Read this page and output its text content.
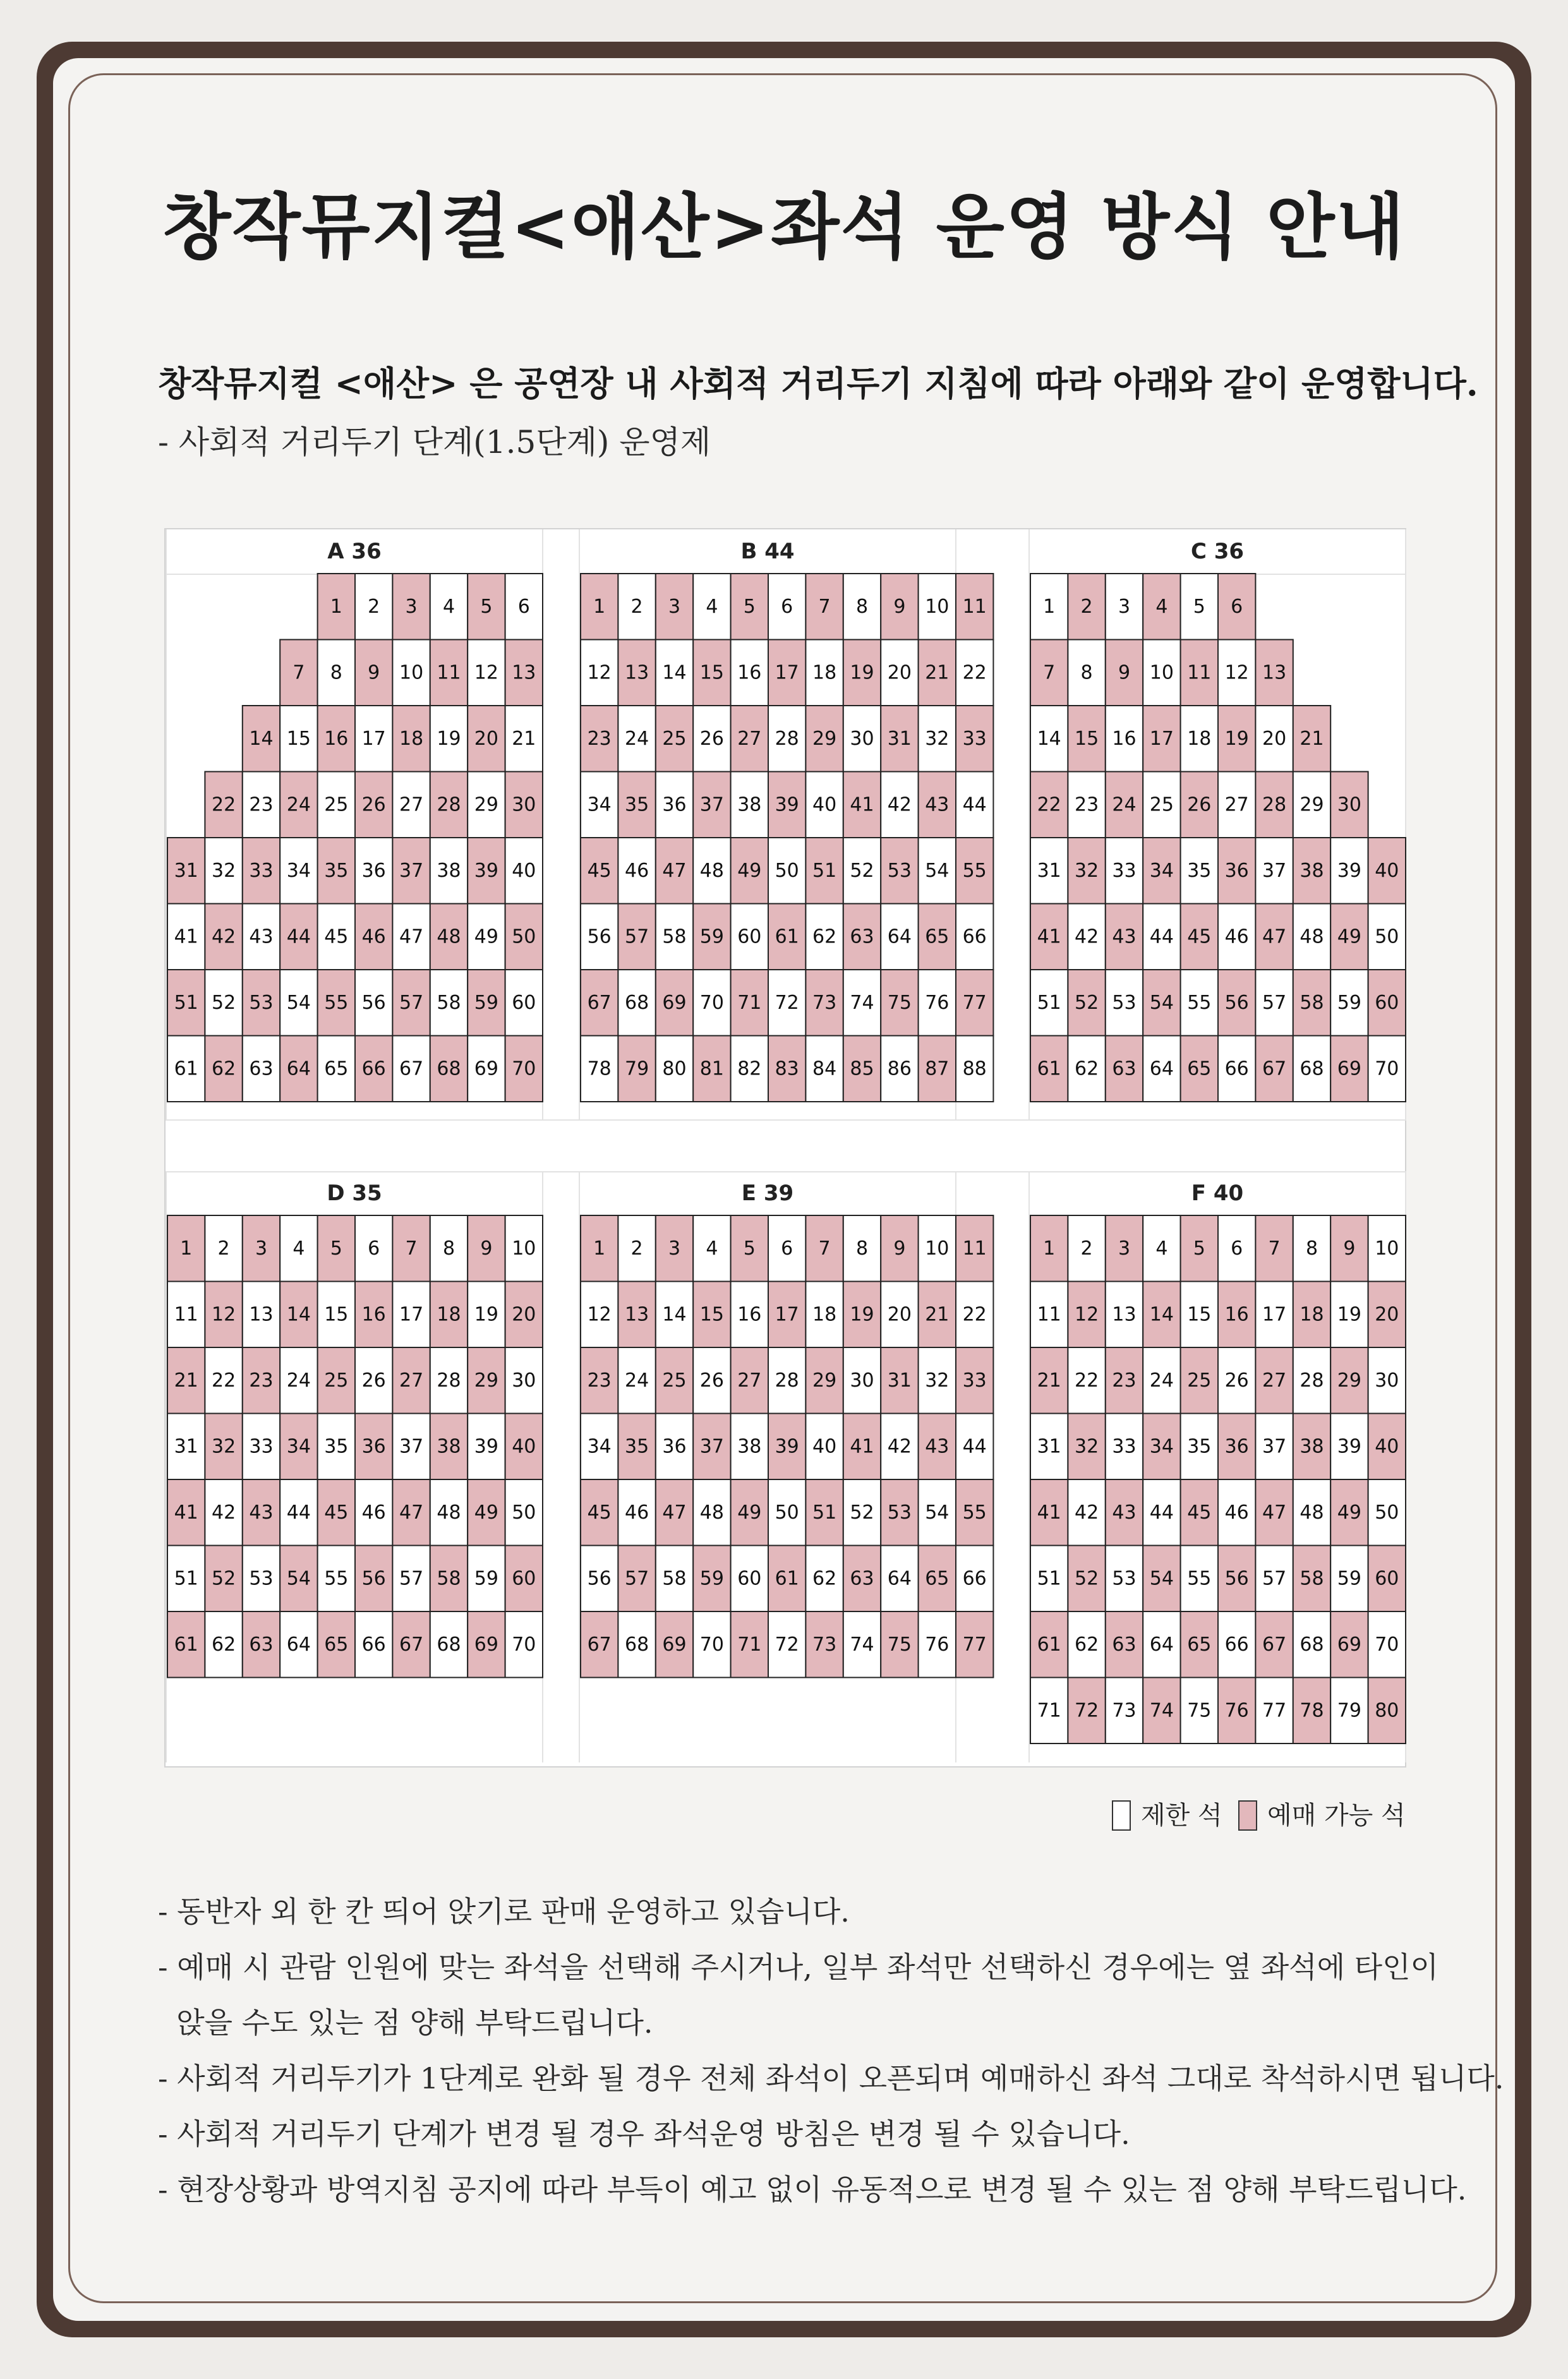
창작뮤지컬<애산>좌석 운영 방식 안내
창작뮤지컬 <애산> 은 공연장 내 사회적 거리두기 지침에 따라 아래와 같이 운영합니다.
- 사회적 거리두기 단계(1.5단계) 운영제
A 36
1 2 3 4 5 6
7 8 9 10 11 12 13
14 15 16 17 18 19 20 21
22 23 24 25 26 27 28 29 30
31 32 33 34 35 36 37 38 39 40
41 42 43 44 45 46 47 48 49 50
51 52 53 54 55 56 57 58 59 60
61 62 63 64 65 66 67 68 69 70
B 44
1 2 3 4 5 6 7 8 9 10 11
12 13 14 15 16 17 18 19 20 21 22
23 24 25 26 27 28 29 30 31 32 33
34 35 36 37 38 39 40 41 42 43 44
45 46 47 48 49 50 51 52 53 54 55
56 57 58 59 60 61 62 63 64 65 66
67 68 69 70 71 72 73 74 75 76 77
78 79 80 81 82 83 84 85 86 87 88
C 36
1 2 3 4 5 6
7 8 9 10 11 12 13
14 15 16 17 18 19 20 21
22 23 24 25 26 27 28 29 30
31 32 33 34 35 36 37 38 39 40
41 42 43 44 45 46 47 48 49 50
51 52 53 54 55 56 57 58 59 60
61 62 63 64 65 66 67 68 69 70
D 35
1 2 3 4 5 6 7 8 9 10
11 12 13 14 15 16 17 18 19 20
21 22 23 24 25 26 27 28 29 30
31 32 33 34 35 36 37 38 39 40
41 42 43 44 45 46 47 48 49 50
51 52 53 54 55 56 57 58 59 60
61 62 63 64 65 66 67 68 69 70
E 39
1 2 3 4 5 6 7 8 9 10 11
12 13 14 15 16 17 18 19 20 21 22
23 24 25 26 27 28 29 30 31 32 33
34 35 36 37 38 39 40 41 42 43 44
45 46 47 48 49 50 51 52 53 54 55
56 57 58 59 60 61 62 63 64 65 66
67 68 69 70 71 72 73 74 75 76 77
F 40
1 2 3 4 5 6 7 8 9 10
11 12 13 14 15 16 17 18 19 20
21 22 23 24 25 26 27 28 29 30
31 32 33 34 35 36 37 38 39 40
41 42 43 44 45 46 47 48 49 50
51 52 53 54 55 56 57 58 59 60
61 62 63 64 65 66 67 68 69 70
71 72 73 74 75 76 77 78 79 80
제한 석 예매 가능 석
- 동반자 외 한 칸 띄어 앉기로 판매 운영하고 있습니다.
- 예매 시 관람 인원에 맞는 좌석을 선택해 주시거나, 일부 좌석만 선택하신 경우에는 옆 좌석에 타인이
앉을 수도 있는 점 양해 부탁드립니다.
- 사회적 거리두기가 1단계로 완화 될 경우 전체 좌석이 오픈되며 예매하신 좌석 그대로 착석하시면 됩니다.
- 사회적 거리두기 단계가 변경 될 경우 좌석운영 방침은 변경 될 수 있습니다.
- 현장상황과 방역지침 공지에 따라 부득이 예고 없이 유동적으로 변경 될 수 있는 점 양해 부탁드립니다.
